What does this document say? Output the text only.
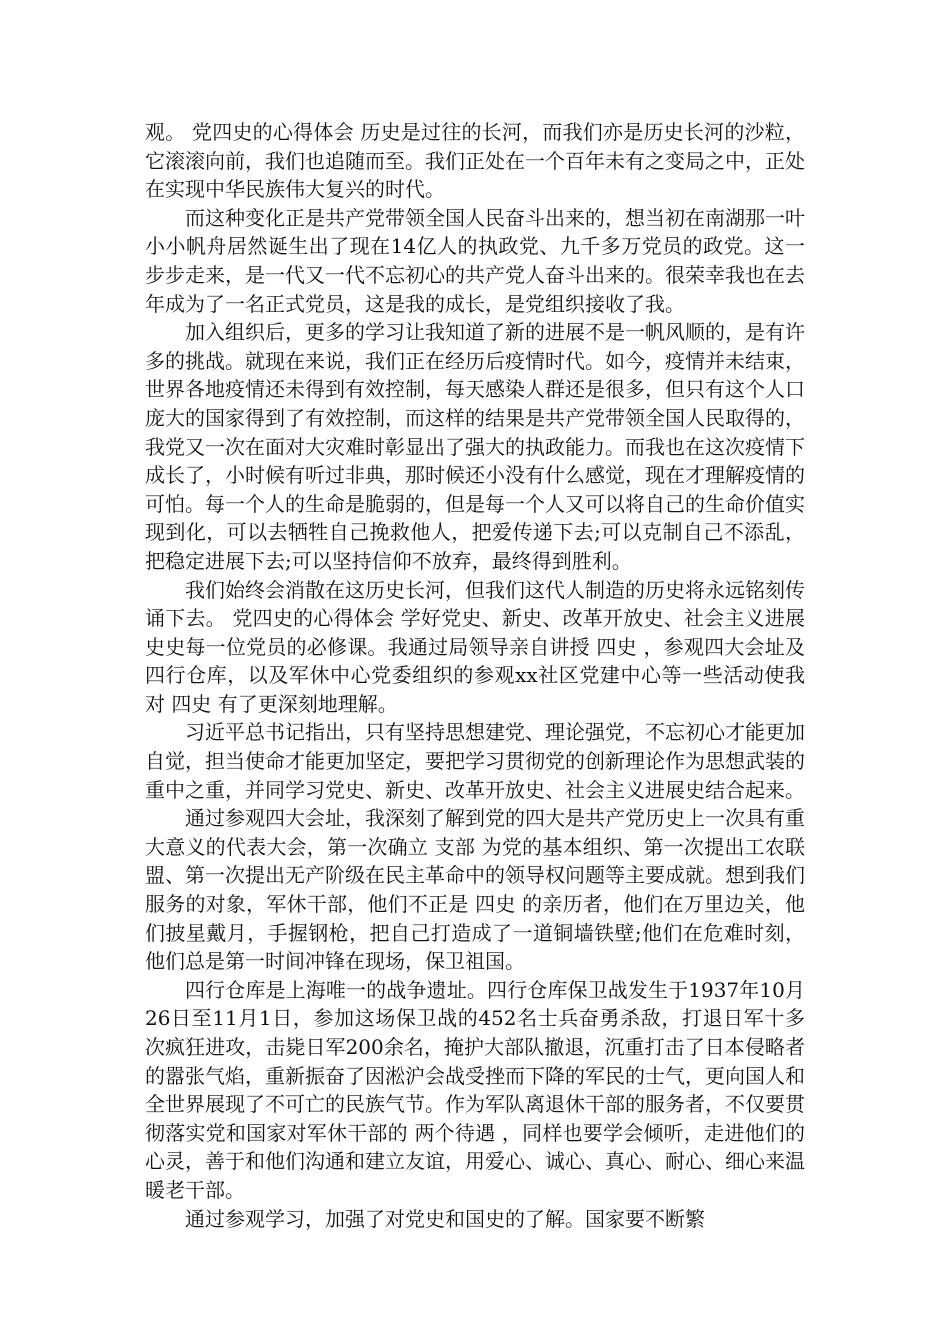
观。 党四史的心得体会 历史是过往的长河，而我们亦是历史长河的沙粒，它滚滚向前，我们也追随而至。我们正处在一个百年未有之变局之中，正处在实现中华民族伟大复兴的时代。

而这种变化正是共产党带领全国人民奋斗出来的，想当初在南湖那一叶小小帆舟居然诞生出了现在14亿人的执政党、九千多万党员的政党。这一步步走来，是一代又一代不忘初心的共产党人奋斗出来的。很荣幸我也在去年成为了一名正式党员，这是我的成长，是党组织接收了我。

加入组织后，更多的学习让我知道了新的进展不是一帆风顺的，是有许多的挑战。就现在来说，我们正在经历后疫情时代。如今，疫情并未结束，世界各地疫情还未得到有效控制，每天感染人群还是很多，但只有这个人口庞大的国家得到了有效控制，而这样的结果是共产党带领全国人民取得的，我党又一次在面对大灾难时彰显出了强大的执政能力。而我也在这次疫情下成长了，小时候有听过非典，那时候还小没有什么感觉，现在才理解疫情的可怕。每一个人的生命是脆弱的，但是每一个人又可以将自己的生命价值实现到化，可以去牺牲自己挽救他人，把爱传递下去;可以克制自己不添乱，把稳定进展下去;可以坚持信仰不放弃，最终得到胜利。

我们始终会消散在这历史长河，但我们这代人制造的历史将永远铭刻传诵下去。 党四史的心得体会 学好党史、新史、改革开放史、社会主义进展史史每一位党员的必修课。我通过局领导亲自讲授 四史 ，参观四大会址及四行仓库，以及军休中心党委组织的参观xx社区党建中心等一些活动使我对 四史 有了更深刻地理解。

习近平总书记指出，只有坚持思想建党、理论强党，不忘初心才能更加自觉，担当使命才能更加坚定，要把学习贯彻党的创新理论作为思想武装的重中之重，并同学习党史、新史、改革开放史、社会主义进展史结合起来。

通过参观四大会址，我深刻了解到党的四大是共产党历史上一次具有重大意义的代表大会，第一次确立 支部 为党的基本组织、第一次提出工农联盟、第一次提出无产阶级在民主革命中的领导权问题等主要成就。想到我们服务的对象，军休干部，他们不正是 四史 的亲历者，他们在万里边关，他们披星戴月，手握钢枪，把自己打造成了一道铜墙铁壁;他们在危难时刻，他们总是第一时间冲锋在现场，保卫祖国。

四行仓库是上海唯一的战争遗址。四行仓库保卫战发生于1937年10月26日至11月1日，参加这场保卫战的452名士兵奋勇杀敌，打退日军十多次疯狂进攻，击毙日军200余名，掩护大部队撤退，沉重打击了日本侵略者的嚣张气焰，重新振奋了因淞沪会战受挫而下降的军民的士气，更向国人和全世界展现了不可亡的民族气节。作为军队离退休干部的服务者，不仅要贯彻落实党和国家对军休干部的 两个待遇 ，同样也要学会倾听，走进他们的心灵，善于和他们沟通和建立友谊，用爱心、诚心、真心、耐心、细心来温暖老干部。

通过参观学习，加强了对党史和国史的了解。国家要不断繁
